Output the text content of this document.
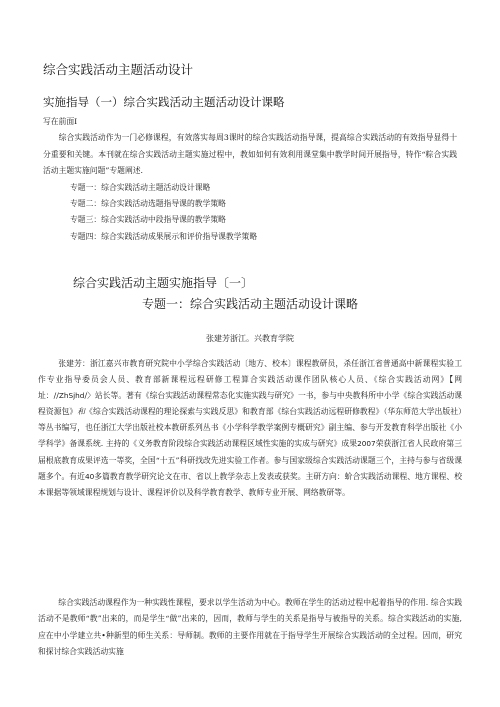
综合实践活动主题活动设计
实施指导（一）综合实践活动主题活动设计课略

写在前面I

综合实践活动作为一门必修课程，有效落实每周3课时的综合实践活动指导课，提高综合实践活动的有效指导显得十分重要和关键。本刊就在综合实践活动主题实施过程中，教如如何有效利用课堂集中教学时间开展指导，特作“粽合实践活动主题实施问题”专题阐述.

专题一：综合实践活动主题活动设计课略
专题二：综合实践活动选题指导课的教学策略
专题三：综合实践活动中段指导课的教学策略
专题四：综合实践活动成果展示和评价指导课教学策略
综合实践活动主题实施指导〔一〕
专题一：综合实践活动主题活动设计课略
张建芳浙江。兴教育学院

张建芳：浙江嘉兴市教育研究院中小学综合实践活动〔地方、校本〕课程教研员，杀任浙江省普通高中新课程实验工作专业指导委员会人员、教育部新课程远程研修工程算合实践活动课作团队核心人员、《综合实践活动网》【网址：//ZhSjhd/〉站长等。著有《综台实践活动课程常态化实施实践与研究》一书，参与中央教科所中小学《综合实践活动课程资源包》和《综合实践活动课程的理论探索与实践反思》和教育部《综台实践活动远程研修教程》（华东师范大学出版社）等丛书编写，也任浙江大学出版社校本教研系列丛书《小学科学教学案例专概研究》副主编、参与开发教育科学出版社《小学科学》备课系统. 主持的《义务教育阶段综合实践活动课程区域性实施的实成与研究》成果2007荣获浙江省人民政府第三届根底教育成果评选一等奖，全国“十五”科研找改先进实验工作者。参与国家级综合实践活动课题三个，主持与参与省级课题多个。有近40多篇教育教学研究论文在市、省以上教学杂志上发表或获奖。主研方向：蚧合实践活动课程、地方课程、校本课据等领域课程规划与设计、课程评价以及科学教育教学、教师专业开展、网络教研等。

综合实践活动课程作为一种实践性课程，要求以学生活动为中心。教师在学生的活动过程中起着指导的作用. 综合实践活动不是教师“教”出来的，而是学生“做”出来的，因而，教师与学生的关系是指导与被指导的关系。综合实践活动的实施, 应在中小学建立共•种新型的师生关系：导师制。教师的主要作用就在于指导学生开展综合实践活动的全过程。因而，研究和探讨综合实践活动实施
